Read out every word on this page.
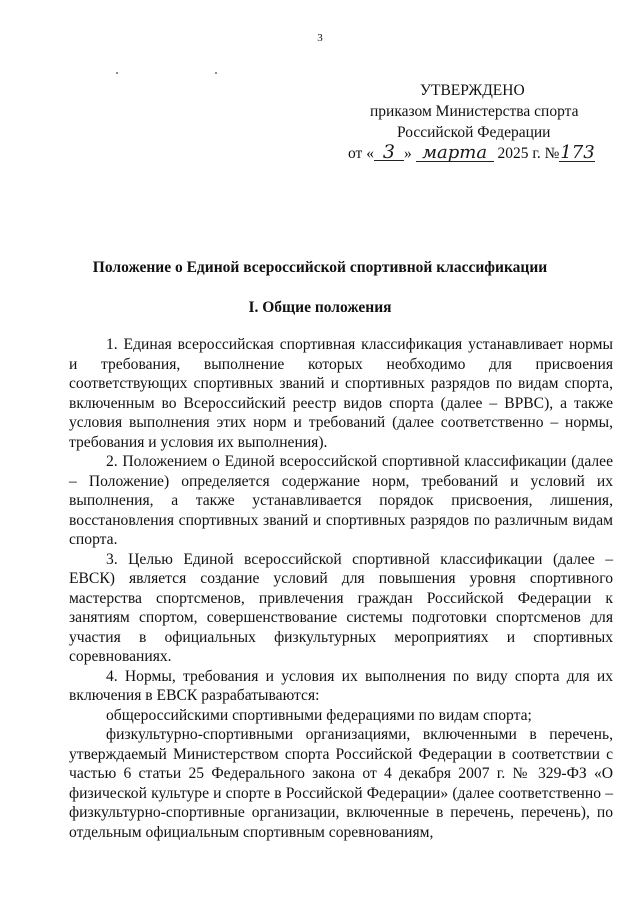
3
УТВЕРЖДЕНО
приказом Министерства спорта
Российской Федерации
от « 3 » марта 2025 г. №173
Положение о Единой всероссийской спортивной классификации
I. Общие положения

1. Единая всероссийская спортивная классификация устанавливает нормы и требования, выполнение которых необходимо для присвоения соответствующих спортивных званий и спортивных разрядов по видам спорта, включенным во Всероссийский реестр видов спорта (далее – ВРВС), а также условия выполнения этих норм и требований (далее соответственно – нормы, требования и условия их выполнения).

2. Положением о Единой всероссийской спортивной классификации (далее – Положение) определяется содержание норм, требований и условий их выполнения, а также устанавливается порядок присвоения, лишения, восстановления спортивных званий и спортивных разрядов по различным видам спорта.

3. Целью Единой всероссийской спортивной классификации (далее – ЕВСК) является создание условий для повышения уровня спортивного мастерства спортсменов, привлечения граждан Российской Федерации к занятиям спортом, совершенствование системы подготовки спортсменов для участия в официальных физкультурных мероприятиях и спортивных соревнованиях.

4. Нормы, требования и условия их выполнения по виду спорта для их включения в ЕВСК разрабатываются:

общероссийскими спортивными федерациями по видам спорта;

физкультурно-спортивными организациями, включенными в перечень, утверждаемый Министерством спорта Российской Федерации в соответствии с частью 6 статьи 25 Федерального закона от 4 декабря 2007 г. № 329-ФЗ «О физической культуре и спорте в Российской Федерации» (далее соответственно – физкультурно-спортивные организации, включенные в перечень, перечень), по отдельным официальным спортивным соревнованиям,
